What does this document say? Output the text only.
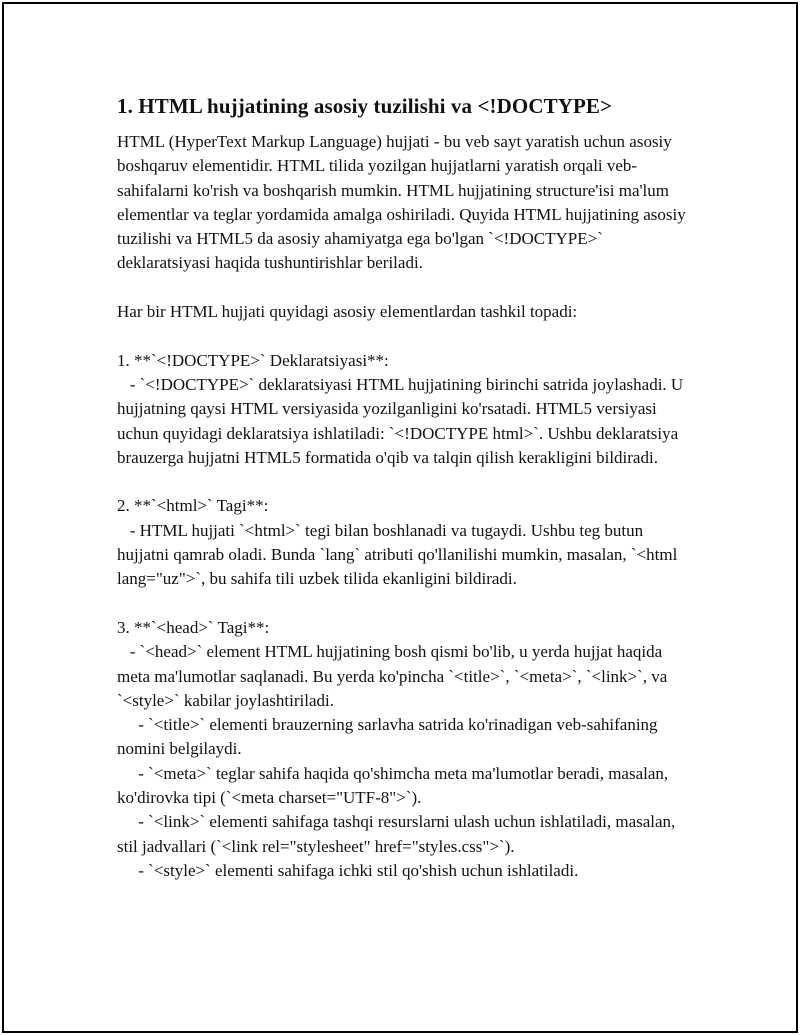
1. HTML hujjatining asosiy tuzilishi va <!DOCTYPE>

HTML (HyperText Markup Language) hujjati - bu veb sayt yaratish uchun asosiy boshqaruv elementidir. HTML tilida yozilgan hujjatlarni yaratish orqali veb-sahifalarni ko'rish va boshqarish mumkin. HTML hujjatining structure'isi ma'lum elementlar va teglar yordamida amalga oshiriladi. Quyida HTML hujjatining asosiy tuzilishi va HTML5 da asosiy ahamiyatga ega bo'lgan `<!DOCTYPE>` deklaratsiyasi haqida tushuntirishlar beriladi.

Har bir HTML hujjati quyidagi asosiy elementlardan tashkil topadi:

1. **`<!DOCTYPE>` Deklaratsiyasi**:

- `<!DOCTYPE>` deklaratsiyasi HTML hujjatining birinchi satrida joylashadi. U hujjatning qaysi HTML versiyasida yozilganligini ko'rsatadi. HTML5 versiyasi uchun quyidagi deklaratsiya ishlatiladi: `<!DOCTYPE html>`. Ushbu deklaratsiya brauzerga hujjatni HTML5 formatida o'qib va talqin qilish kerakligini bildiradi.

2. **`<html>` Tagi**:

- HTML hujjati `<html>` tegi bilan boshlanadi va tugaydi. Ushbu teg butun hujjatni qamrab oladi. Bunda `lang` atributi qo'llanilishi mumkin, masalan, `<html lang="uz">`, bu sahifa tili uzbek tilida ekanligini bildiradi.

3. **`<head>` Tagi**:

- `<head>` element HTML hujjatining bosh qismi bo'lib, u yerda hujjat haqida meta ma'lumotlar saqlanadi. Bu yerda ko'pincha `<title>`, `<meta>`, `<link>`, va `<style>` kabilar joylashtiriladi.

- `<title>` elementi brauzerning sarlavha satrida ko'rinadigan veb-sahifaning nomini belgilaydi.

- `<meta>` teglar sahifa haqida qo'shimcha meta ma'lumotlar beradi, masalan, ko'dirovka tipi (`<meta charset="UTF-8">`).

- `<link>` elementi sahifaga tashqi resurslarni ulash uchun ishlatiladi, masalan, stil jadvallari (`<link rel="stylesheet" href="styles.css">`).

- `<style>` elementi sahifaga ichki stil qo'shish uchun ishlatiladi.
